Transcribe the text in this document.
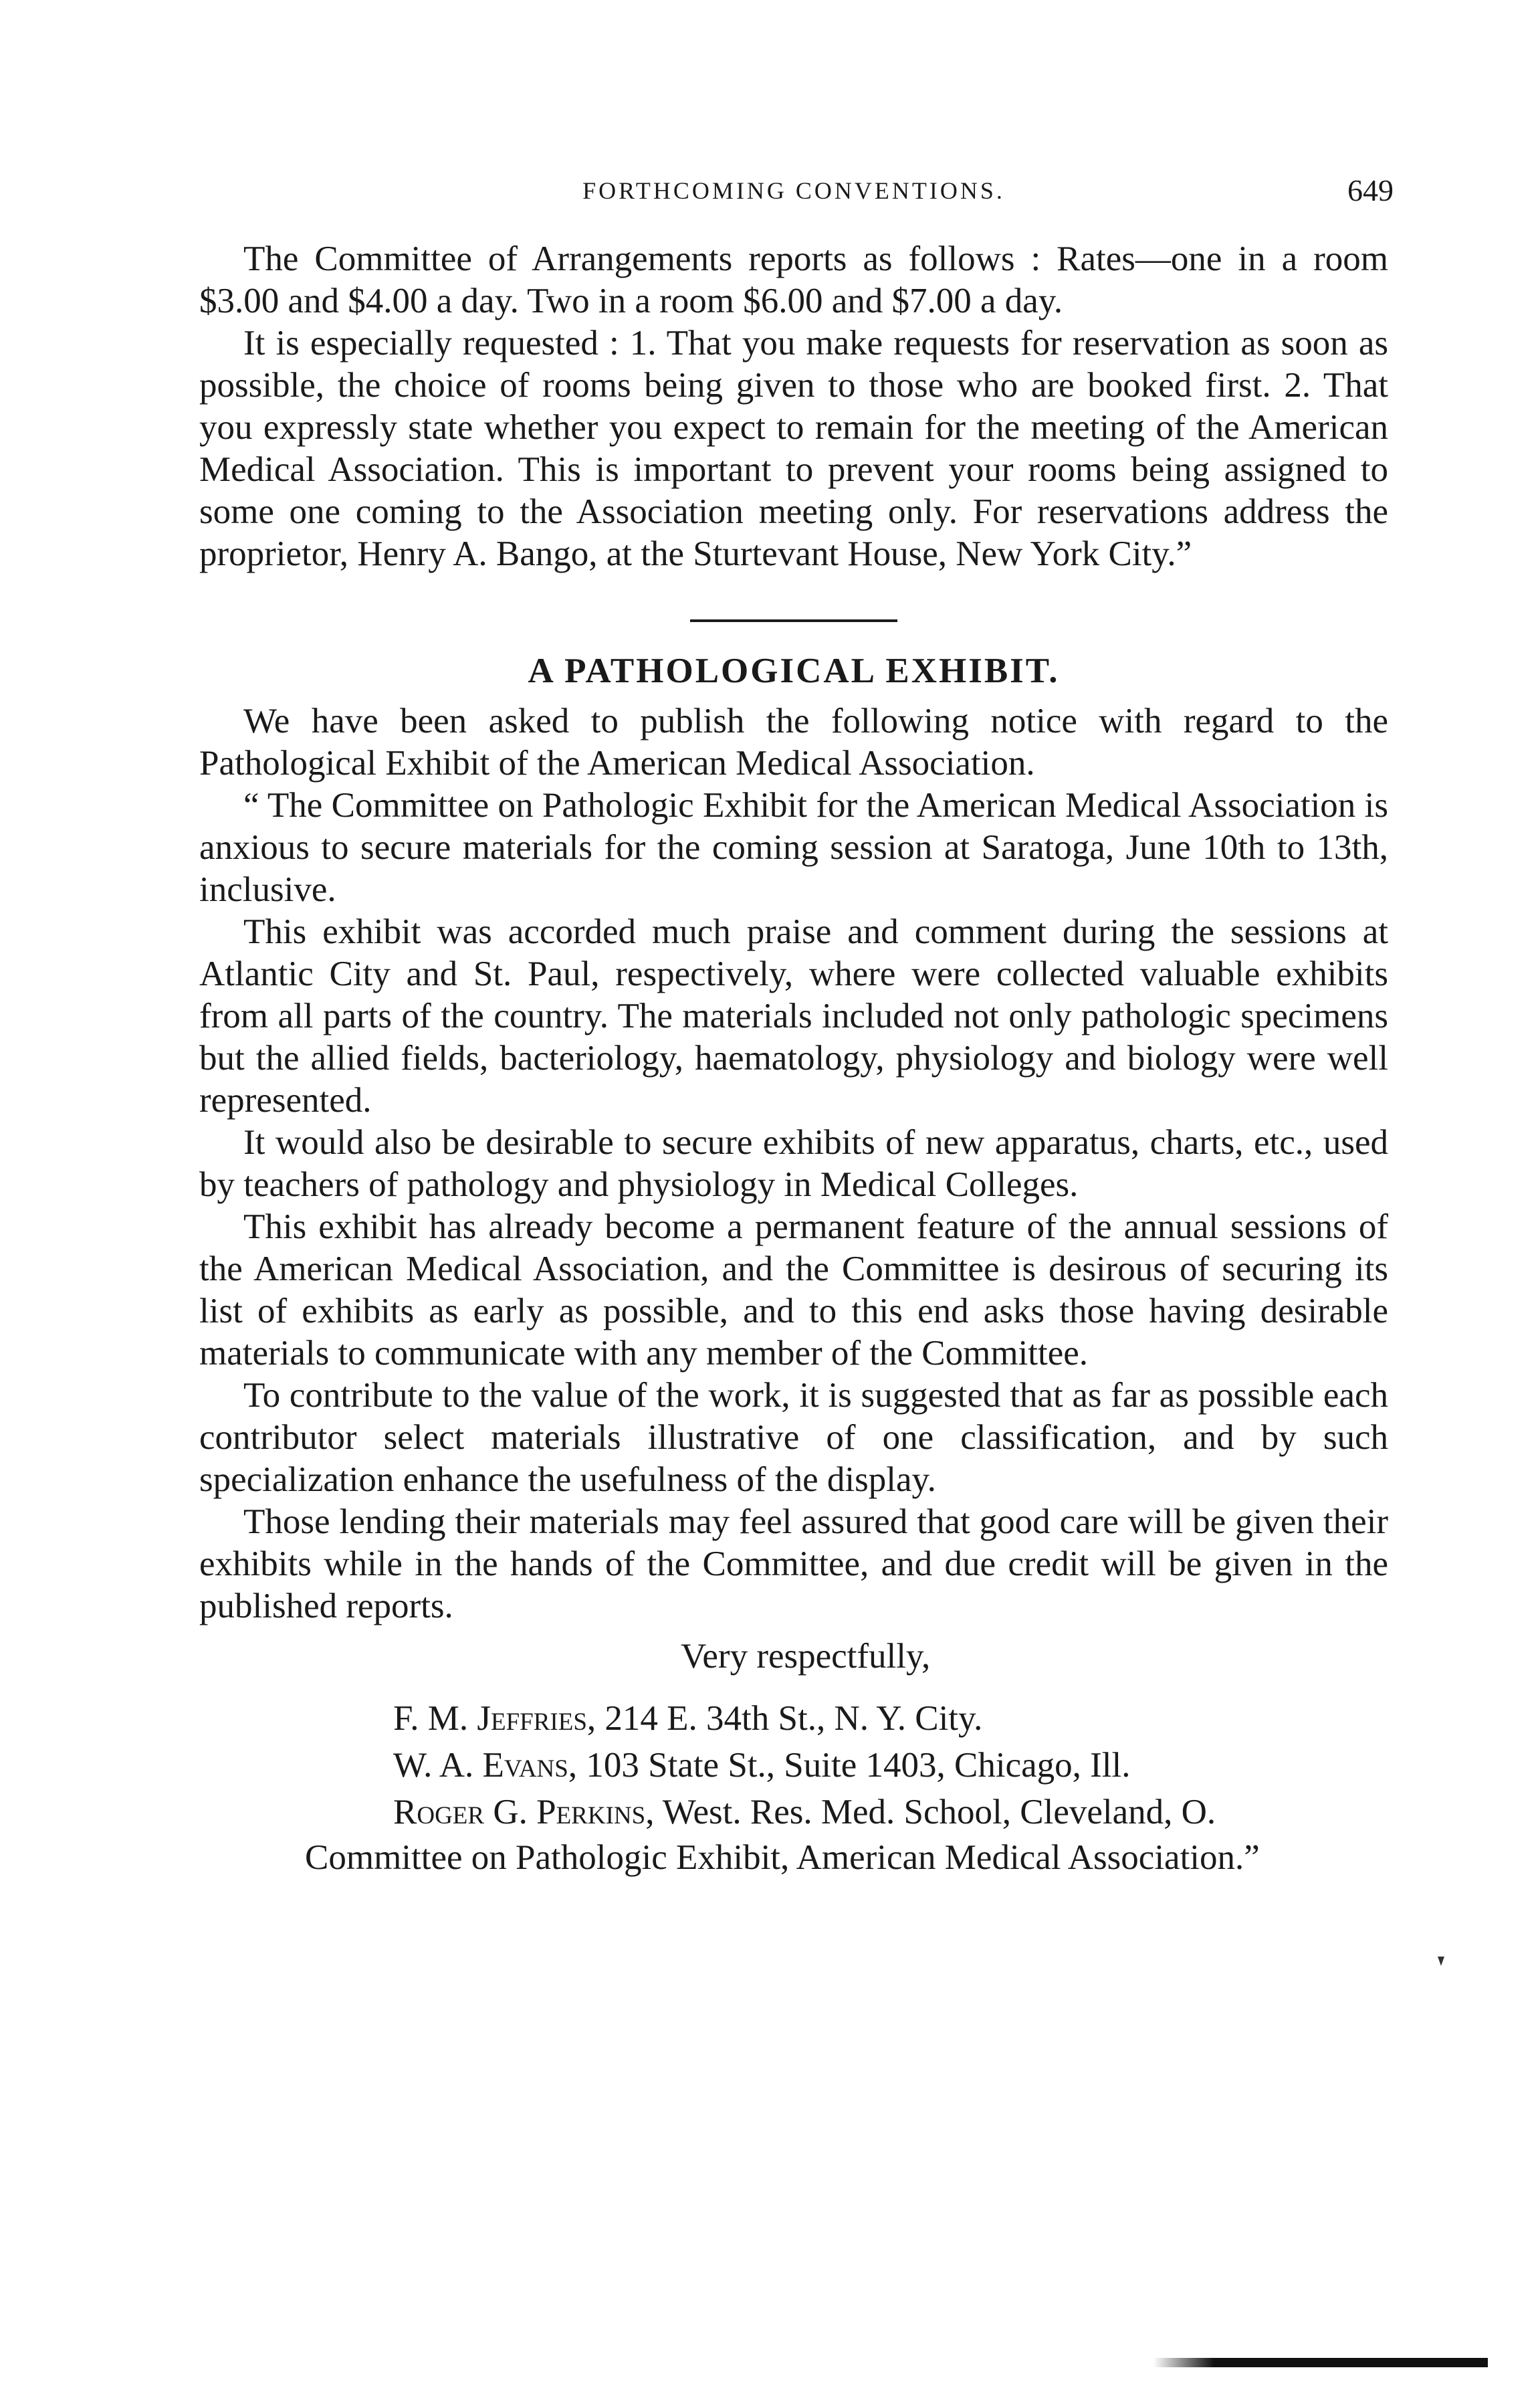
FORTHCOMING CONVENTIONS.	649

The Committee of Arrangements reports as follows : Rates—one in a room $3.00 and $4.00 a day. Two in a room $6.00 and $7.00 a day.

It is especially requested : 1. That you make requests for reservation as soon as possible, the choice of rooms being given to those who are booked first. 2. That you expressly state whether you expect to remain for the meeting of the American Medical Association. This is important to prevent your rooms being assigned to some one coming to the Association meeting only. For reservations address the proprietor, Henry A. Bango, at the Sturtevant House, New York City.”

A PATHOLOGICAL EXHIBIT.

We have been asked to publish the following notice with regard to the Pathological Exhibit of the American Medical Association.

“ The Committee on Pathologic Exhibit for the American Medical Association is anxious to secure materials for the coming session at Saratoga, June 10th to 13th, inclusive.

This exhibit was accorded much praise and comment during the sessions at Atlantic City and St. Paul, respectively, where were collected valuable exhibits from all parts of the country. The materials included not only pathologic specimens but the allied fields, bacteriology, haematology, physiology and biology were well represented.

It would also be desirable to secure exhibits of new apparatus, charts, etc., used by teachers of pathology and physiology in Medical Colleges.

This exhibit has already become a permanent feature of the annual sessions of the American Medical Association, and the Committee is desirous of securing its list of exhibits as early as possible, and to this end asks those having desirable materials to communicate with any member of the Committee.

To contribute to the value of the work, it is suggested that as far as possible each contributor select materials illustrative of one classification, and by such specialization enhance the usefulness of the display.

Those lending their materials may feel assured that good care will be given their exhibits while in the hands of the Committee, and due credit will be given in the published reports.

Very respectfully,
F. M. Jeffries, 214 E. 34th St., N. Y. City.
W. A. Evans, 103 State St., Suite 1403, Chicago, Ill.
Roger G. Perkins, West. Res. Med. School, Cleveland, O.
Committee on Pathologic Exhibit, American Medical Association.”
